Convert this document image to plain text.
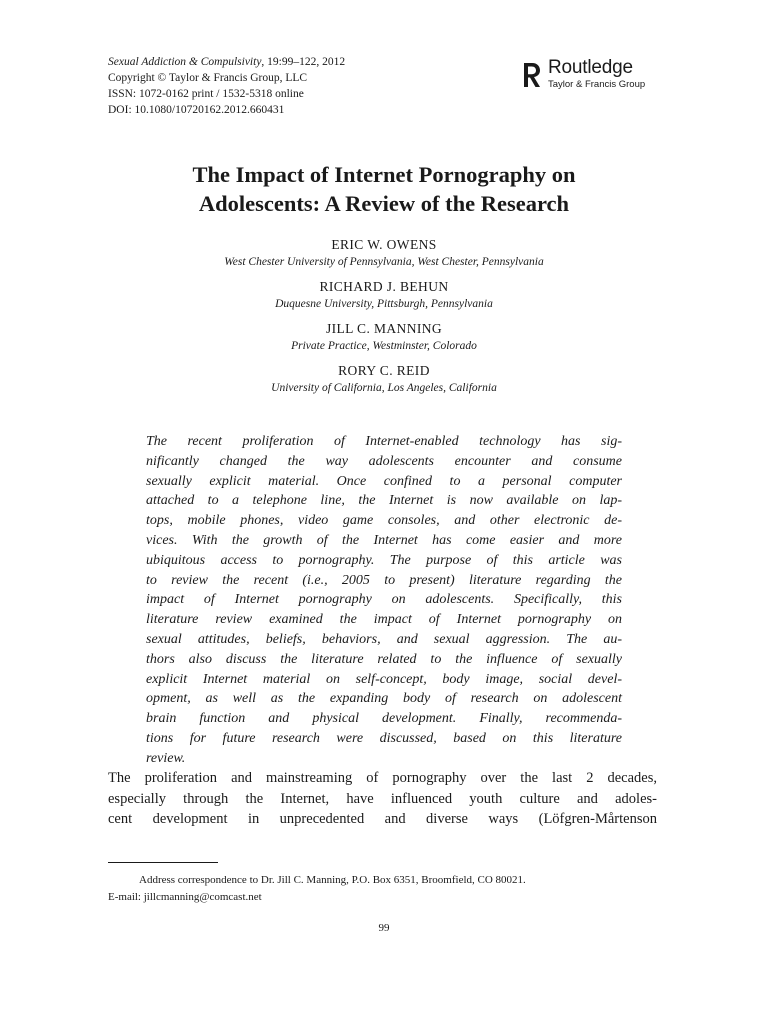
Sexual Addiction & Compulsivity, 19:99–122, 2012
Copyright © Taylor & Francis Group, LLC
ISSN: 1072-0162 print / 1532-5318 online
DOI: 10.1080/10720162.2012.660431
Routledge
Taylor & Francis Group
The Impact of Internet Pornography on
Adolescents: A Review of the Research
ERIC W. OWENS
West Chester University of Pennsylvania, West Chester, Pennsylvania
RICHARD J. BEHUN
Duquesne University, Pittsburgh, Pennsylvania
JILL C. MANNING
Private Practice, Westminster, Colorado
RORY C. REID
University of California, Los Angeles, California
The recent proliferation of Internet-enabled technology has sig-
nificantly changed the way adolescents encounter and consume
sexually explicit material. Once confined to a personal computer
attached to a telephone line, the Internet is now available on lap-
tops, mobile phones, video game consoles, and other electronic de-
vices. With the growth of the Internet has come easier and more
ubiquitous access to pornography. The purpose of this article was
to review the recent (i.e., 2005 to present) literature regarding the
impact of Internet pornography on adolescents. Specifically, this
literature review examined the impact of Internet pornography on
sexual attitudes, beliefs, behaviors, and sexual aggression. The au-
thors also discuss the literature related to the influence of sexually
explicit Internet material on self-concept, body image, social devel-
opment, as well as the expanding body of research on adolescent
brain function and physical development. Finally, recommenda-
tions for future research were discussed, based on this literature
review.
The proliferation and mainstreaming of pornography over the last 2 decades,
especially through the Internet, have influenced youth culture and adoles-
cent development in unprecedented and diverse ways (Löfgren-Mårtenson
Address correspondence to Dr. Jill C. Manning, P.O. Box 6351, Broomfield, CO 80021.
E-mail: jillcmanning@comcast.net
99
